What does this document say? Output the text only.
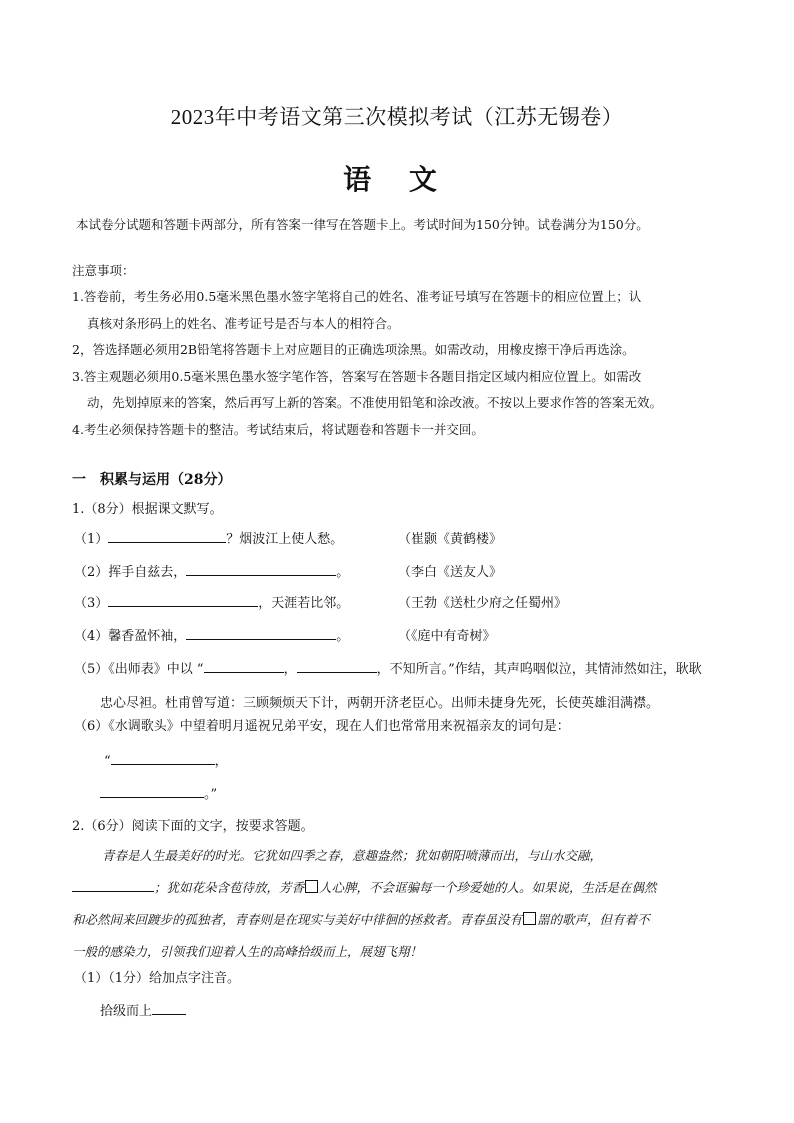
2023年中考语文第三次模拟考试（江苏无锡卷）
语 文
本试卷分试题和答题卡两部分，所有答案一律写在答题卡上。考试时间为150分钟。试卷满分为150分。
注意事项：

1.答卷前，考生务必用0.5毫米黑色墨水签字笔将自己的姓名、准考证号填写在答题卡的相应位置上；认
真核对条形码上的姓名、准考证号是否与本人的相符合。

2，答选择题必须用2B铅笔将答题卡上对应题目的正确选项涂黑。如需改动，用橡皮擦干净后再选涂。

3.答主观题必须用0.5毫米黑色墨水签字笔作答，答案写在答题卡各题目指定区域内相应位置上。如需改
动，先划掉原来的答案，然后再写上新的答案。不准使用铅笔和涂改液。不按以上要求作答的答案无效。

4.考生必须保持答题卡的整洁。考试结束后，将试题卷和答题卡一并交回。

一 积累与运用（28分）
1.（8分）根据课文默写。
（1）	？烟波江上使人愁。	（崔颢《黄鹤楼》
（2）挥手自兹去，	。	（李白《送友人》
（3）	，天涯若比邻。	（王勃《送杜少府之任蜀州》
（4）馨香盈怀袖，	。	（《庭中有奇树》
（5）《出师表》中以 “	，	，不知所言。”作结，其声呜咽似泣，其情沛然如注，耿耿
忠心尽袒。杜甫曾写道：三顾频烦天下计，两朝开济老臣心。出师未捷身先死，长使英雄泪满襟。
（6）《水调歌头》中望着明月遥祝兄弟平安，现在人们也常常用来祝福亲友的词句是：
“	，
。”
2.（6分）阅读下面的文字，按要求答题。
青春是人生最美好的时光。它犹如四季之春，意趣盎然；犹如朝阳喷薄而出，与山水交融，
；犹如花朵含苞待放，芳香 人心脾，不会诓骗每一个珍爱她的人。如果说，生活是在偶然
和必然间来回踱步的孤独者，青春则是在现实与美好中徘徊的拯救者。青春虽没有 噐的歌声，但有着不
一般的感染力，引领我们迎着人生的高峰拾级而上，展翅飞翔！
（1）（1分）给加点字注音。
拾级而上
